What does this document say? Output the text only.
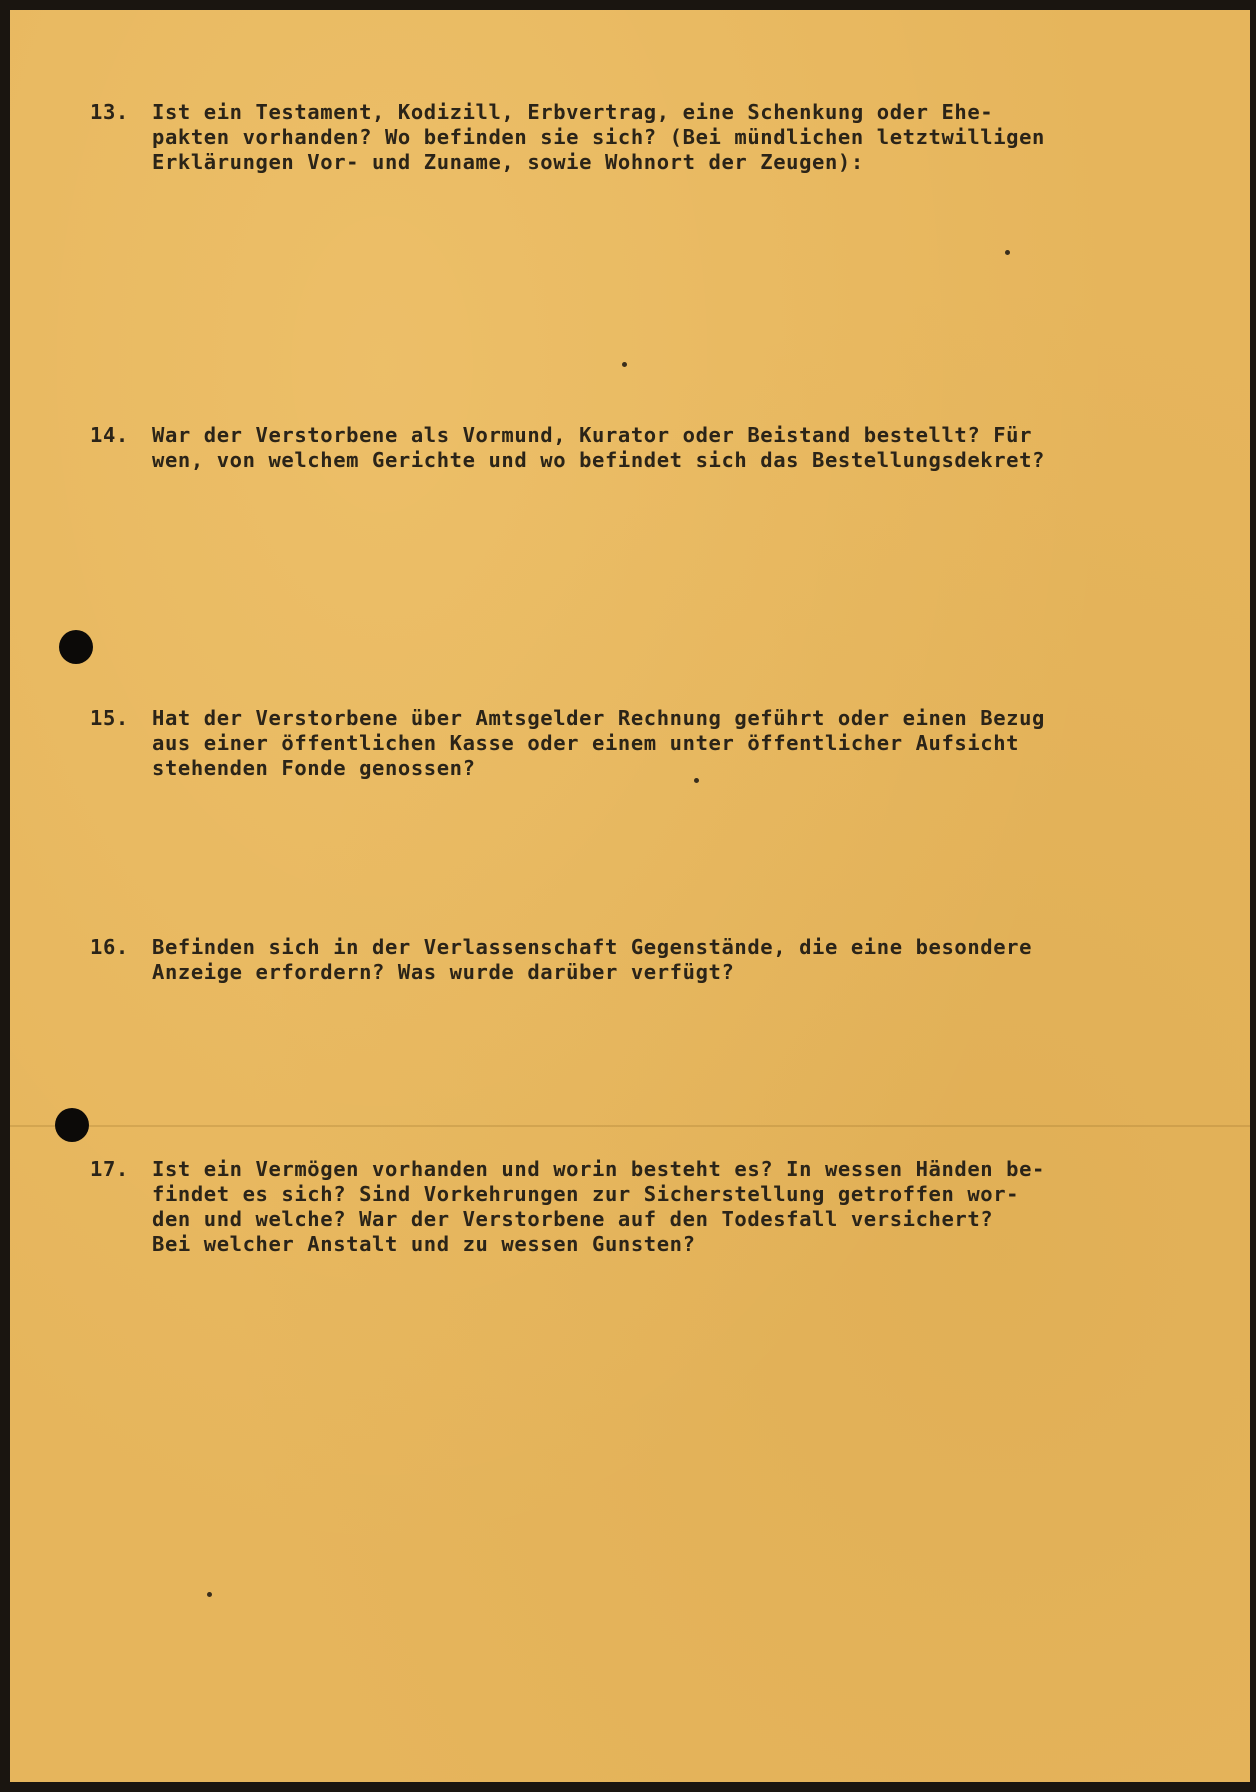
13.	Ist ein Testament, Kodizill, Erbvertrag, eine Schenkung oder Ehe-
pakten vorhanden? Wo befinden sie sich? (Bei mündlichen letztwilligen
Erklärungen Vor- und Zuname, sowie Wohnort der Zeugen):
14.	War der Verstorbene als Vormund, Kurator oder Beistand bestellt? Für
wen, von welchem Gerichte und wo befindet sich das Bestellungsdekret?
15.	Hat der Verstorbene über Amtsgelder Rechnung geführt oder einen Bezug
aus einer öffentlichen Kasse oder einem unter öffentlicher Aufsicht
stehenden Fonde genossen?
16.	Befinden sich in der Verlassenschaft Gegenstände, die eine besondere
Anzeige erfordern? Was wurde darüber verfügt?
17.	Ist ein Vermögen vorhanden und worin besteht es? In wessen Händen be-
findet es sich? Sind Vorkehrungen zur Sicherstellung getroffen wor-
den und welche? War der Verstorbene auf den Todesfall versichert?
Bei welcher Anstalt und zu wessen Gunsten?
